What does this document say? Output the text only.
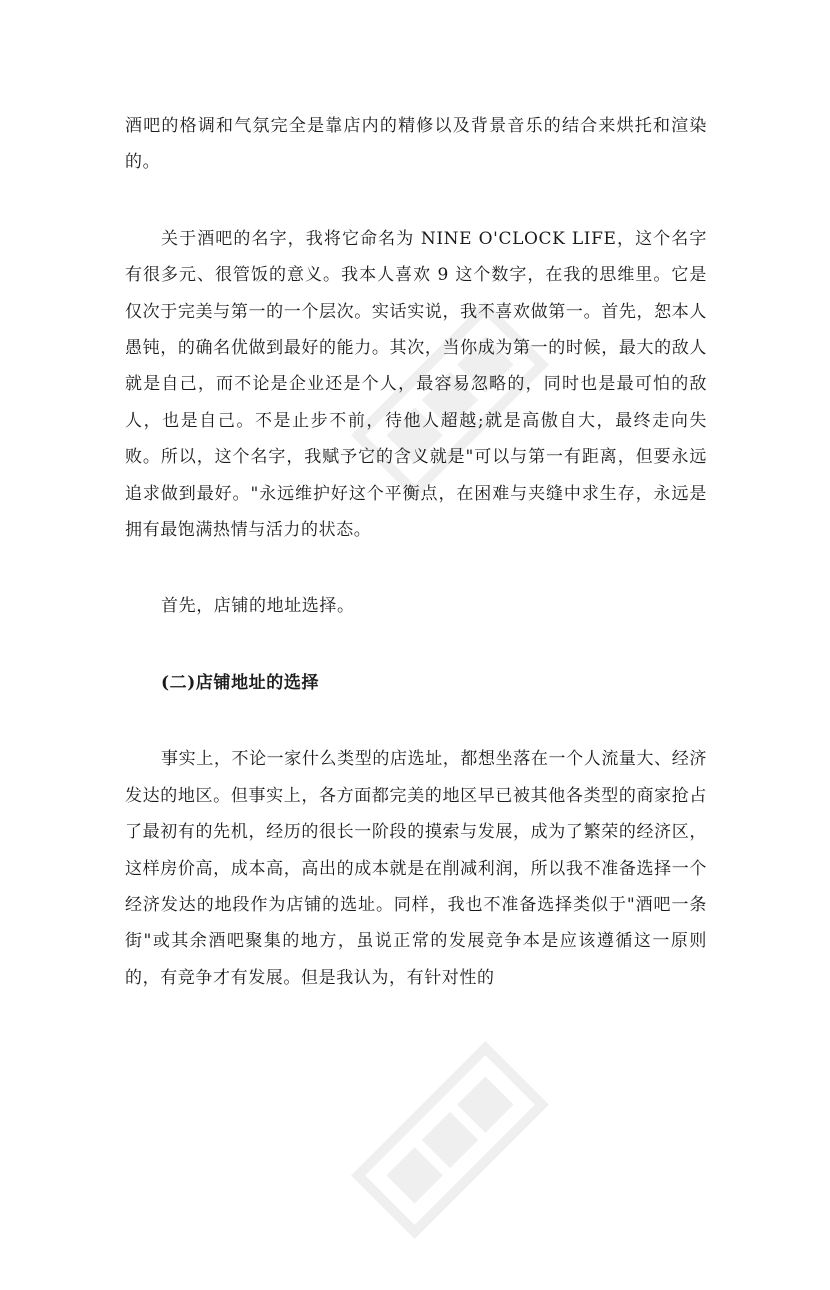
酒吧的格调和气氛完全是靠店内的精修以及背景音乐的结合来烘托和渲染的。

关于酒吧的名字，我将它命名为 NINE O'CLOCK LIFE，这个名字有很多元、很管饭的意义。我本人喜欢 9 这个数字，在我的思维里。它是仅次于完美与第一的一个层次。实话实说，我不喜欢做第一。首先，恕本人愚钝，的确名优做到最好的能力。其次，当你成为第一的时候，最大的敌人就是自己，而不论是企业还是个人，最容易忽略的，同时也是最可怕的敌人，也是自己。不是止步不前，待他人超越;就是高傲自大，最终走向失败。所以，这个名字，我赋予它的含义就是"可以与第一有距离，但要永远追求做到最好。"永远维护好这个平衡点，在困难与夹缝中求生存，永远是拥有最饱满热情与活力的状态。

首先，店铺的地址选择。

(二)店铺地址的选择

事实上，不论一家什么类型的店选址，都想坐落在一个人流量大、经济发达的地区。但事实上，各方面都完美的地区早已被其他各类型的商家抢占了最初有的先机，经历的很长一阶段的摸索与发展，成为了繁荣的经济区，这样房价高，成本高，高出的成本就是在削减利润，所以我不准备选择一个经济发达的地段作为店铺的选址。同样，我也不准备选择类似于"酒吧一条街"或其余酒吧聚集的地方，虽说正常的发展竞争本是应该遵循这一原则的，有竞争才有发展。但是我认为，有针对性的
